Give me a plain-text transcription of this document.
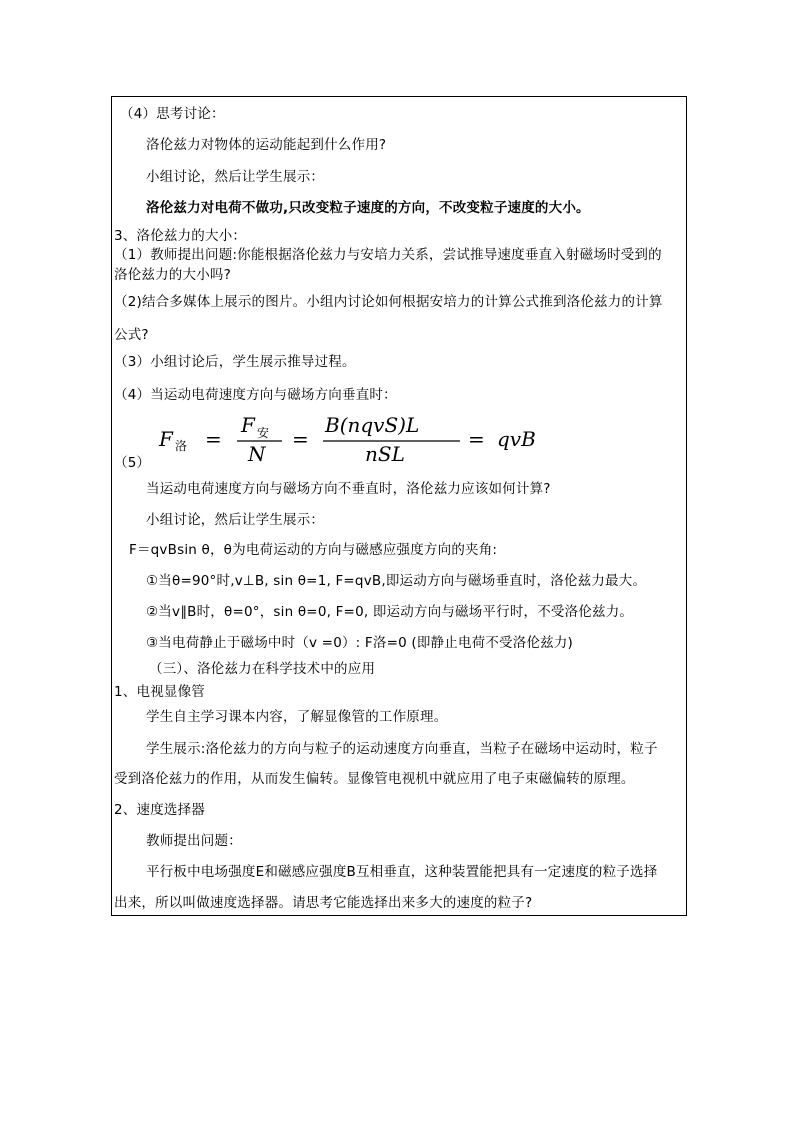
（4）思考讨论：
洛伦兹力对物体的运动能起到什么作用?
小组讨论，然后让学生展示：
洛伦兹力对电荷不做功,只改变粒子速度的方向，不改变粒子速度的大小。
3、洛伦兹力的大小：
（1）教师提出问题:你能根据洛伦兹力与安培力关系，尝试推导速度垂直入射磁场时受到的
洛伦兹力的大小吗?
（2)结合多媒体上展示的图片。小组内讨论如何根据安培力的计算公式推到洛伦兹力的计算
公式?
（3）小组讨论后，学生展示推导过程。
（4）当运动电荷速度方向与磁场方向垂直时：
（5）
F 洛 =
F 安
N
=
B(nqvS)L
nSL
= qvB
当运动电荷速度方向与磁场方向不垂直时，洛伦兹力应该如何计算?
小组讨论，然后让学生展示：
F＝qvBsin θ，θ为电荷运动的方向与磁感应强度方向的夹角:
①当θ=90°时,v⊥B, sin θ=1, F=qvB,即运动方向与磁场垂直时，洛伦兹力最大。
②当v∥B时，θ=0°，sin θ=0, F=0, 即运动方向与磁场平行时，不受洛伦兹力。
③当电荷静止于磁场中时（v =0）: F洛=0 (即静止电荷不受洛伦兹力)
（三）、洛伦兹力在科学技术中的应用
1、电视显像管
学生自主学习课本内容，了解显像管的工作原理。
学生展示:洛伦兹力的方向与粒子的运动速度方向垂直，当粒子在磁场中运动时，粒子
受到洛伦兹力的作用，从而发生偏转。显像管电视机中就应用了电子束磁偏转的原理。
2、速度选择器
教师提出问题：
平行板中电场强度E和磁感应强度B互相垂直，这种装置能把具有一定速度的粒子选择
出来，所以叫做速度选择器。请思考它能选择出来多大的速度的粒子?
